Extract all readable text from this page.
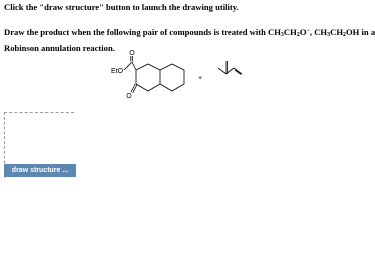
Click the "draw structure" button to launch the drawing utility.
Draw the product when the following pair of compounds is treated with $CH_3CH_2O^-$, $CH_3CH_2OH$ in a
Robinson annulation reaction.
O
EtO
O
+
draw structure ...
